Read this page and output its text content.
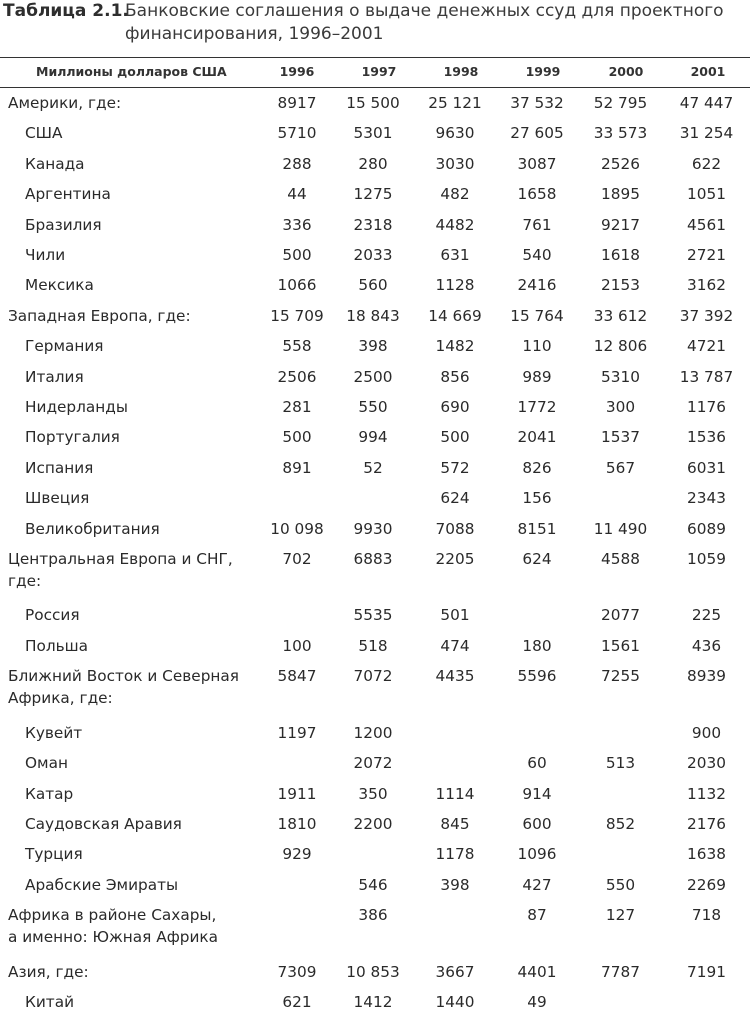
Таблица 2.1.
Банковские соглашения о выдаче денежных ссуд для проектного
финансирования, 1996–2001
Миллионы долларов США	1996	1997	1998	1999	2000	2001
Америки, где:	8917	15 500	25 121	37 532	52 795	47 447
США	5710	5301	9630	27 605	33 573	31 254
Канада	288	280	3030	3087	2526	622
Аргентина	44	1275	482	1658	1895	1051
Бразилия	336	2318	4482	761	9217	4561
Чили	500	2033	631	540	1618	2721
Мексика	1066	560	1128	2416	2153	3162
Западная Европа, где:	15 709	18 843	14 669	15 764	33 612	37 392
Германия	558	398	1482	110	12 806	4721
Италия	2506	2500	856	989	5310	13 787
Нидерланды	281	550	690	1772	300	1176
Португалия	500	994	500	2041	1537	1536
Испания	891	52	572	826	567	6031
Швеция			624	156		2343
Великобритания	10 098	9930	7088	8151	11 490	6089
Центральная Европа и СНГ,
где:	702	6883	2205	624	4588	1059
Россия		5535	501		2077	225
Польша	100	518	474	180	1561	436
Ближний Восток и Северная
Африка, где:	5847	7072	4435	5596	7255	8939
Кувейт	1197	1200				900
Оман		2072		60	513	2030
Катар	1911	350	1114	914		1132
Саудовская Аравия	1810	2200	845	600	852	2176
Турция	929		1178	1096		1638
Арабские Эмираты		546	398	427	550	2269
Африка в районе Сахары,
а именно: Южная Африка		386		87	127	718
Азия, где:	7309	10 853	3667	4401	7787	7191
Китай	621	1412	1440	49		
